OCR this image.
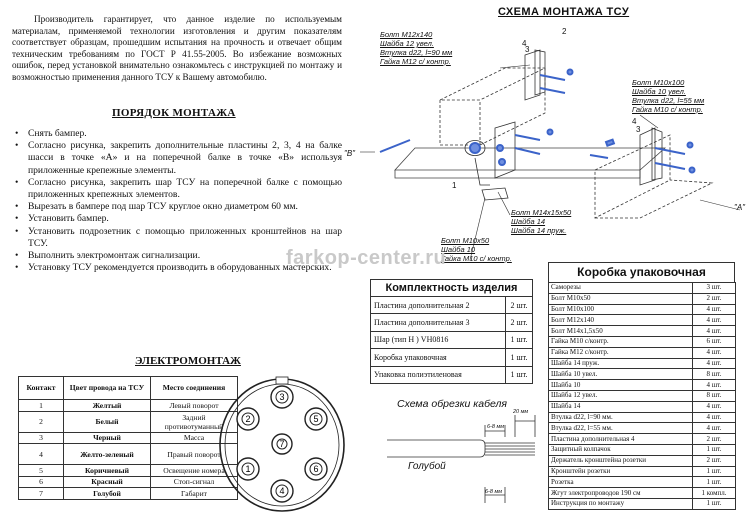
Производитель гарантирует, что данное изделие по используемым материалам, применяемой технологии изготовления и другим показателям соответствует образцам, прошедшим испытания на прочность и отвечает общим техническим требованиям по ГОСТ Р 41.55-2005. Во избежание возможных ошибок, перед установкой внимательно ознакомьтесь с инструкцией по монтажу и возможностью применения данного ТСУ к Вашему автомобилю.
ПОРЯДОК МОНТАЖА
• Снять бампер.
• Согласно рисунка, закрепить дополнительные пластины 2, 3, 4 на балке шасси в точке «А» и на поперечной балке в точке «В» используя приложенные крепежные элементы.
• Согласно рисунка, закрепить шар ТСУ на поперечной балке с помощью приложенных крепежных элементов.
• Вырезать в бампере под шар ТСУ круглое окно диаметром 60 мм.
• Установить бампер.
• Установить подрозетник с помощью приложенных кронштейнов на шар ТСУ.
• Выполнить электромонтаж сигнализации.
• Установку ТСУ рекомендуется производить в оборудованных мастерских.
ЭЛЕКТРОМОНТАЖ
Контакт	Цвет провода на ТСУ	Место соединения
1	Желтый	Левый поворот
2	Белый	Задний противотуманный
3	Черный	Масса
4	Желто-зеленый	Правый поворот
5	Коричневый	Освещение номера
6	Красный	Стоп-сигнал
7	Голубой	Габарит
1
2
3
4
5
6
7
СХЕМА МОНТАЖА ТСУ
1
2
3
4
3
4
"В"
"А"
Болт М12х140
Шайба 12 увел.
Втулка d22, l=90 мм
Гайка М12 с/ контр.
Болт М10х100
Шайба 10 увел.
Втулка d22, l=55 мм
Гайка М10 с/ контр.
Болт М14х15х50
Шайба 14
Шайба 14 пруж.
Болт М10х50
Шайба 10
Гайка М10 с/ контр.
farkop-center.ru
Комплектность изделия
Пластина дополнительная 2	2 шт.
Пластина дополнительная 3	2 шт.
Шар (тип Н ) VH0816	1 шт.
Коробка упаковочная	1 шт.
Упаковка полиэтиленовая	1 шт.
Коробка упаковочная
Саморезы	3 шт.
Болт М10х50	2 шт.
Болт М10х100	4 шт.
Болт М12х140	4 шт.
Болт М14х1,5х50	4 шт.
Гайка М10 с/контр.	6 шт.
Гайка М12 с/контр.	4 шт.
Шайба 14 пруж.	4 шт.
Шайба 10 увел.	8 шт.
Шайба 10	4 шт.
Шайба 12 увел.	8 шт.
Шайба 14	4 шт.
Втулка d22, l=90 мм.	4 шт.
Втулка d22, l=55 мм.	4 шт.
Пластина дополнительная 4	2 шт.
Защитный колпачок	1 шт.
Держатель кронштейна розетки	2 шт.
Кронштейн розетки	1 шт.
Розетка	1 шт.
Жгут электропроводов 190 см	1 компл.
Инструкция по монтажу	1 шт.
20 мм
6-8 мм
6-8 мм
Схема обрезки кабеля
Голубой
